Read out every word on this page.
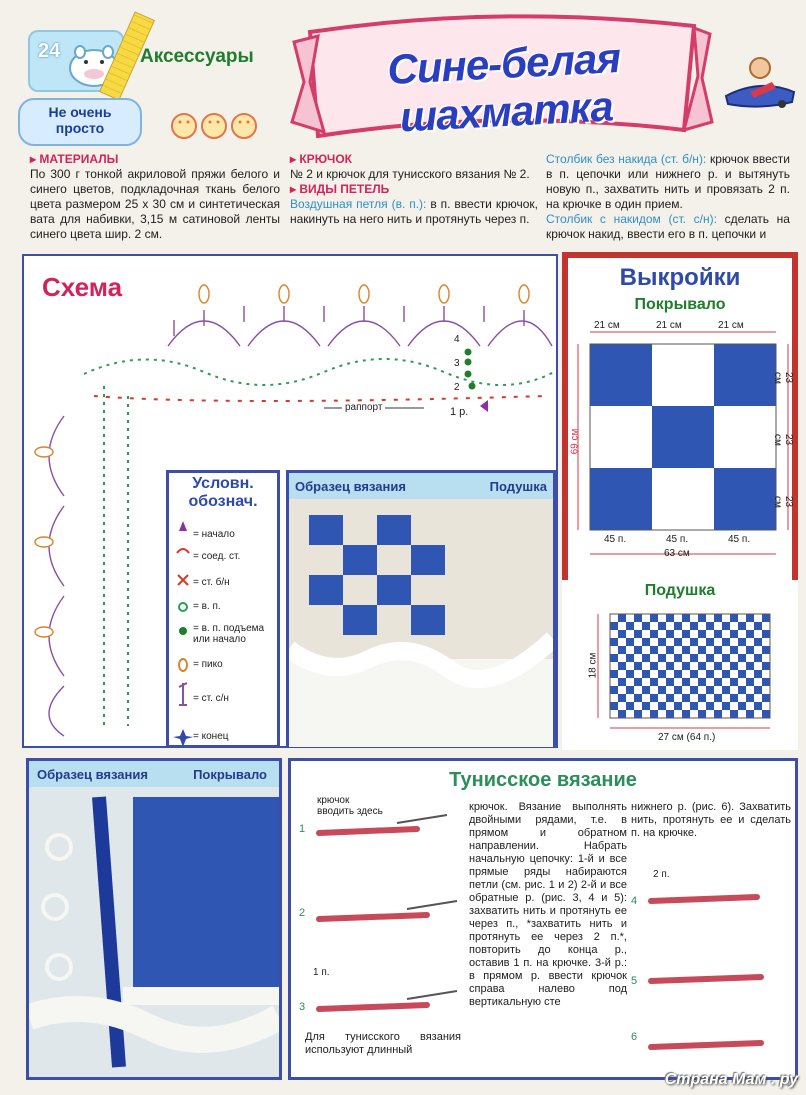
24	Аксессуары
Не очень просто
Сине-белая шахматка
▸ МАТЕРИАЛЫ
По 300 г тонкой акриловой пряжи белого и синего цветов, подкладочная ткань белого цвета размером 25 х 30 см и синтетическая вата для набивки, 3,15 м сатиновой ленты синего цвета шир. 2 см.
▸ КРЮЧОК
№ 2 и крючок для тунисского вязания № 2.
▸ ВИДЫ ПЕТЕЛЬ
Воздушная петля (в. п.): в п. ввести крючок, накинуть на него нить и протянуть через п.
Столбик без накида (ст. б/н): крючок ввести в п. цепочки или нижнего р. и вытянуть новую п., захватить нить и провязать 2 п. на крючке в один прием.
Столбик с накидом (ст. с/н): сделать на крючок накид, ввести его в п. цепочки и
Схема
раппорт	1 р.
4
3
2
Условн. обознач.
= начало
= соед. ст.
= ст. б/н
= в. п.
= в. п. подъема или начало
= пико
= ст. с/н
= конец
Выкройки
Покрывало
21 см	21 см	21 см
69 см
23 см
23 см
23 см
45 п.	45 п.	45 п.
63 см
Подушка
18 см
27 см (64 п.)
Образец вязания	Подушка
Образец вязания	Покрывало	Тунисское вязание
крючок вводить здесь
1
2
3
1 п.
Для тунисского вязания используют длинный
крючок. Вязание выполнять двойными рядами, т.е. в прямом и обратном направлении. Набрать начальную цепочку: 1-й и все прямые ряды набираются петли (см. рис. 1 и 2) 2-й и все обратные р. (рис. 3, 4 и 5): захватить нить и протянуть ее через п., *захватить нить и протянуть ее через 2 п.*, повторить до конца р., оставив 1 п. на крючке. 3-й р.: в прямом р. ввести крючок справа налево под вертикальную сте
нижнего р. (рис. 6). Захватить нить, протянуть ее и сделать п. на крючке.
2 п.
4
5
6
Страна Мам . ру
